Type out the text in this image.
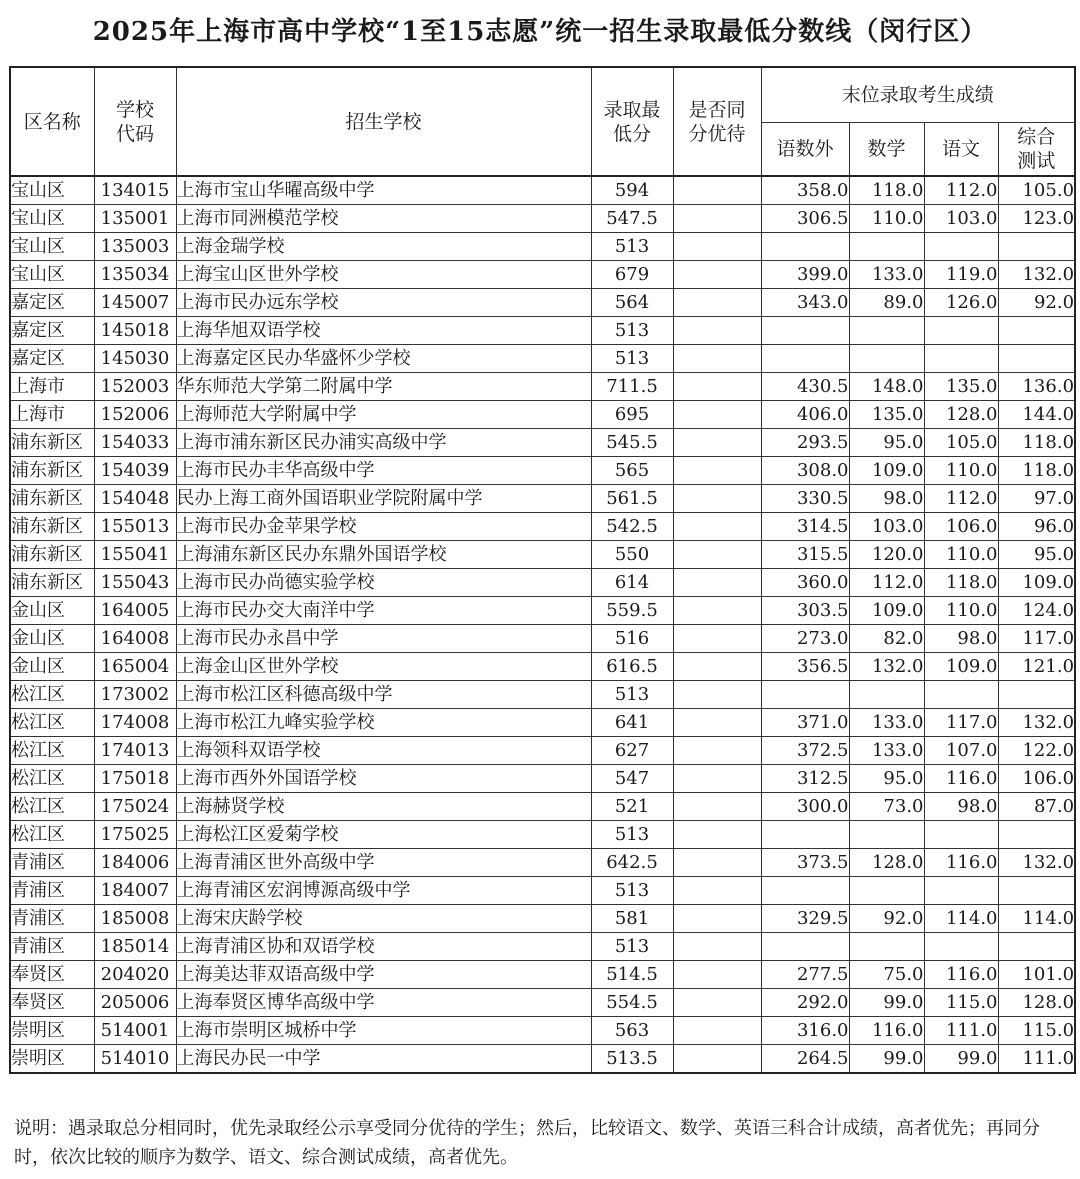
2025年上海市高中学校“1至15志愿”统一招生录取最低分数线（闵行区）
区名称	学校代码	招生学校	录取最低分	是否同分优待	末位录取考生成绩			
					语数外	数学	语文	综合测试

宝山区	134015	上海市宝山华曜高级中学	594		358.0	118.0	112.0	105.0
宝山区	135001	上海市同洲模范学校	547.5		306.5	110.0	103.0	123.0
宝山区	135003	上海金瑞学校	513					
宝山区	135034	上海宝山区世外学校	679		399.0	133.0	119.0	132.0
嘉定区	145007	上海市民办远东学校	564		343.0	89.0	126.0	92.0
嘉定区	145018	上海华旭双语学校	513					
嘉定区	145030	上海嘉定区民办华盛怀少学校	513					
上海市	152003	华东师范大学第二附属中学	711.5		430.5	148.0	135.0	136.0
上海市	152006	上海师范大学附属中学	695		406.0	135.0	128.0	144.0
浦东新区	154033	上海市浦东新区民办浦实高级中学	545.5		293.5	95.0	105.0	118.0
浦东新区	154039	上海市民办丰华高级中学	565		308.0	109.0	110.0	118.0
浦东新区	154048	民办上海工商外国语职业学院附属中学	561.5		330.5	98.0	112.0	97.0
浦东新区	155013	上海市民办金苹果学校	542.5		314.5	103.0	106.0	96.0
浦东新区	155041	上海浦东新区民办东鼎外国语学校	550		315.5	120.0	110.0	95.0
浦东新区	155043	上海市民办尚德实验学校	614		360.0	112.0	118.0	109.0
金山区	164005	上海市民办交大南洋中学	559.5		303.5	109.0	110.0	124.0
金山区	164008	上海市民办永昌中学	516		273.0	82.0	98.0	117.0
金山区	165004	上海金山区世外学校	616.5		356.5	132.0	109.0	121.0
松江区	173002	上海市松江区科德高级中学	513					
松江区	174008	上海市松江九峰实验学校	641		371.0	133.0	117.0	132.0
松江区	174013	上海领科双语学校	627		372.5	133.0	107.0	122.0
松江区	175018	上海市西外外国语学校	547		312.5	95.0	116.0	106.0
松江区	175024	上海赫贤学校	521		300.0	73.0	98.0	87.0
松江区	175025	上海松江区爱菊学校	513					
青浦区	184006	上海青浦区世外高级中学	642.5		373.5	128.0	116.0	132.0
青浦区	184007	上海青浦区宏润博源高级中学	513					
青浦区	185008	上海宋庆龄学校	581		329.5	92.0	114.0	114.0
青浦区	185014	上海青浦区协和双语学校	513					
奉贤区	204020	上海美达菲双语高级中学	514.5		277.5	75.0	116.0	101.0
奉贤区	205006	上海奉贤区博华高级中学	554.5		292.0	99.0	115.0	128.0
崇明区	514001	上海市崇明区城桥中学	563		316.0	116.0	111.0	115.0
崇明区	514010	上海民办民一中学	513.5		264.5	99.0	99.0	111.0
说明：遇录取总分相同时，优先录取经公示享受同分优待的学生；然后，比较语文、数学、英语三科合计成绩，高者优先；再同分时，依次比较的顺序为数学、语文、综合测试成绩，高者优先。
